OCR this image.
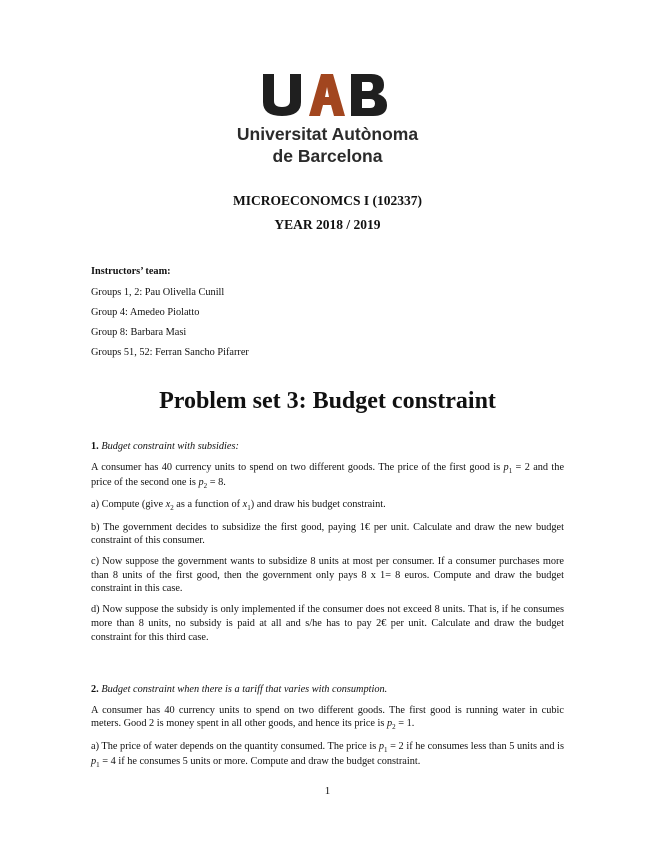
Universitat Autònoma
de Barcelona
MICROECONOMCS I (102337)
YEAR 2018 / 2019
Instructors’ team:
Groups 1, 2: Pau Olivella Cunill
Group 4: Amedeo Piolatto
Group 8: Barbara Masi
Groups 51, 52: Ferran Sancho Pifarrer
Problem set 3: Budget constraint

1. Budget constraint with subsidies:

A consumer has 40 currency units to spend on two different goods. The price of the first good is $p_1 = 2$ and the price of the second one is $p_2 = 8$.

a) Compute (give $x_2$ as a function of $x_1$) and draw his budget constraint.

b) The government decides to subsidize the first good, paying 1€ per unit. Calculate and draw the new budget constraint of this consumer.

c) Now suppose the government wants to subsidize 8 units at most per consumer. If a consumer purchases more than 8 units of the first good, then the government only pays 8 x 1= 8 euros. Compute and draw the budget constraint in this case.

d) Now suppose the subsidy is only implemented if the consumer does not exceed 8 units. That is, if he consumes more than 8 units, no subsidy is paid at all and s/he has to pay 2€ per unit. Calculate and draw the budget constraint for this third case.

2. Budget constraint when there is a tariff that varies with consumption.

A consumer has 40 currency units to spend on two different goods. The first good is running water in cubic meters. Good 2 is money spent in all other goods, and hence its price is $p_2 = 1$.

a) The price of water depends on the quantity consumed. The price is $p_1 = 2$ if he consumes less than 5 units and is $p_1 = 4$ if he consumes 5 units or more. Compute and draw the budget constraint.

1
